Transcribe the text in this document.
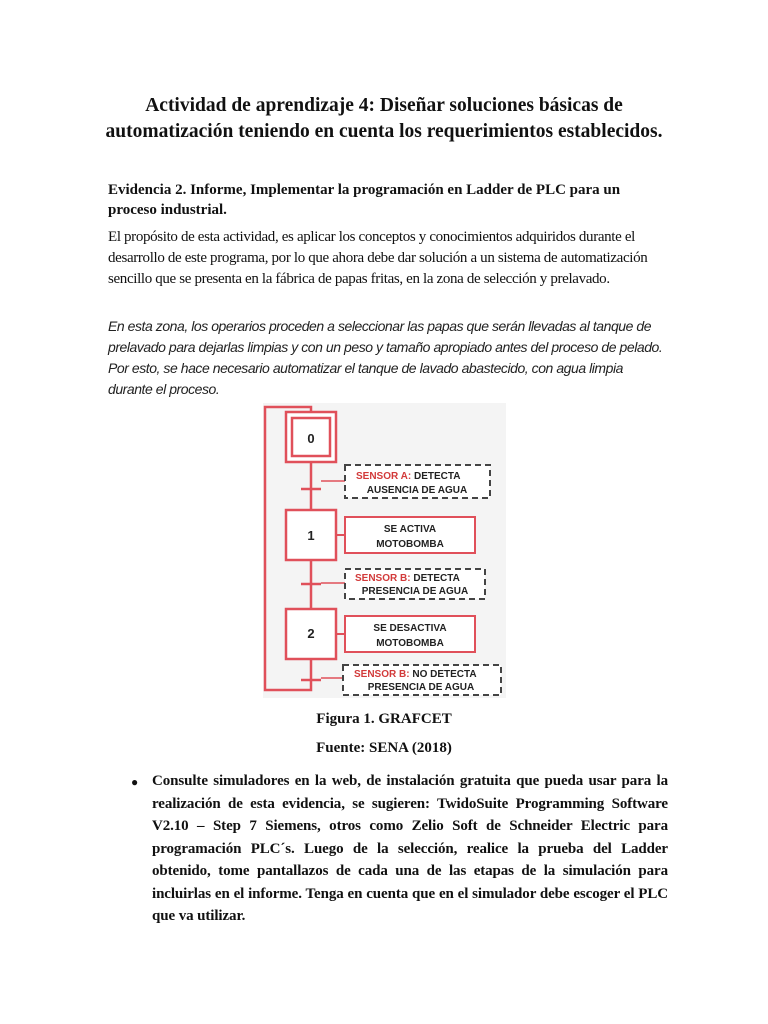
Actividad de aprendizaje 4: Diseñar soluciones básicas de automatización teniendo en cuenta los requerimientos establecidos.

Evidencia 2. Informe, Implementar la programación en Ladder de PLC para un proceso industrial.

El propósito de esta actividad, es aplicar los conceptos y conocimientos adquiridos durante el desarrollo de este programa, por lo que ahora debe dar solución a un sistema de automatización sencillo que se presenta en la fábrica de papas fritas, en la zona de selección y prelavado.

En esta zona, los operarios proceden a seleccionar las papas que serán llevadas al tanque de prelavado para dejarlas limpias y con un peso y tamaño apropiado antes del proceso de pelado. Por esto, se hace necesario automatizar el tanque de lavado abastecido, con agua limpia durante el proceso.

0
1
2
SENSOR A: DETECTA
AUSENCIA DE AGUA
SE ACTIVA
MOTOBOMBA
SENSOR B: DETECTA
PRESENCIA DE AGUA
SE DESACTIVA
MOTOBOMBA
SENSOR B: NO DETECTA
PRESENCIA DE AGUA

Figura 1. GRAFCET

Fuente: SENA (2018)

● Consulte simuladores en la web, de instalación gratuita que pueda usar para la realización de esta evidencia, se sugieren: TwidoSuite Programming Software V2.10 – Step 7 Siemens, otros como Zelio Soft de Schneider Electric para programación PLC´s. Luego de la selección, realice la prueba del Ladder obtenido, tome pantallazos de cada una de las etapas de la simulación para incluirlas en el informe. Tenga en cuenta que en el simulador debe escoger el PLC que va utilizar.
